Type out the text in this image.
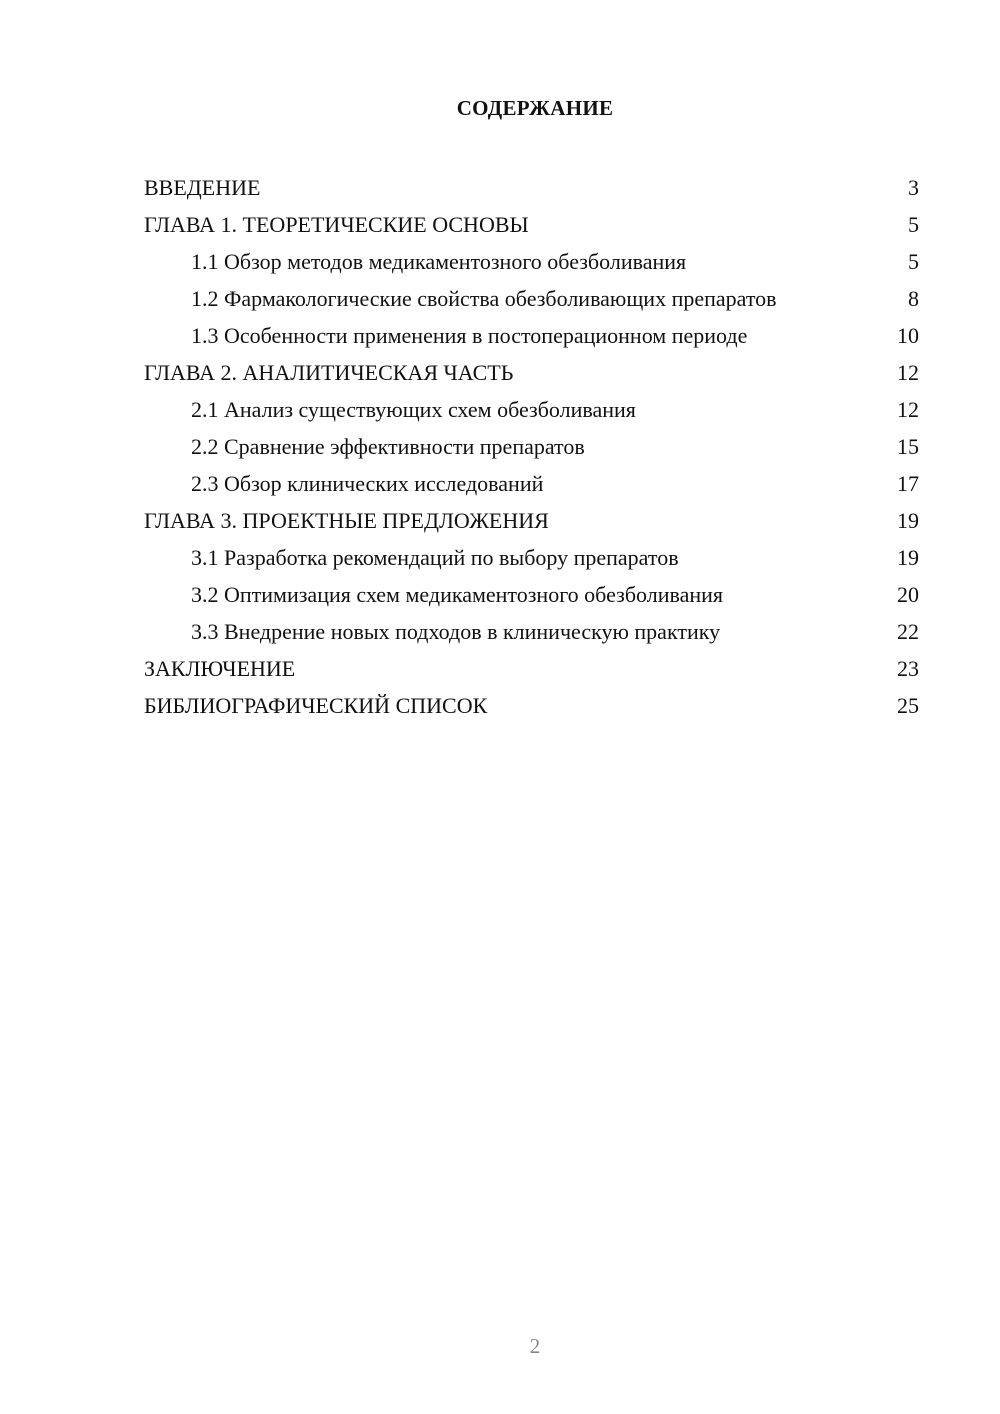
СОДЕРЖАНИЕ
ВВЕДЕНИЕ	3
ГЛАВА 1. ТЕОРЕТИЧЕСКИЕ ОСНОВЫ	5
1.1 Обзор методов медикаментозного обезболивания	5
1.2 Фармакологические свойства обезболивающих препаратов	8
1.3 Особенности применения в постоперационном периоде	10
ГЛАВА 2. АНАЛИТИЧЕСКАЯ ЧАСТЬ	12
2.1 Анализ существующих схем обезболивания	12
2.2 Сравнение эффективности препаратов	15
2.3 Обзор клинических исследований	17
ГЛАВА 3. ПРОЕКТНЫЕ ПРЕДЛОЖЕНИЯ	19
3.1 Разработка рекомендаций по выбору препаратов	19
3.2 Оптимизация схем медикаментозного обезболивания	20
3.3 Внедрение новых подходов в клиническую практику	22
ЗАКЛЮЧЕНИЕ	23
БИБЛИОГРАФИЧЕСКИЙ СПИСОК	25
2
